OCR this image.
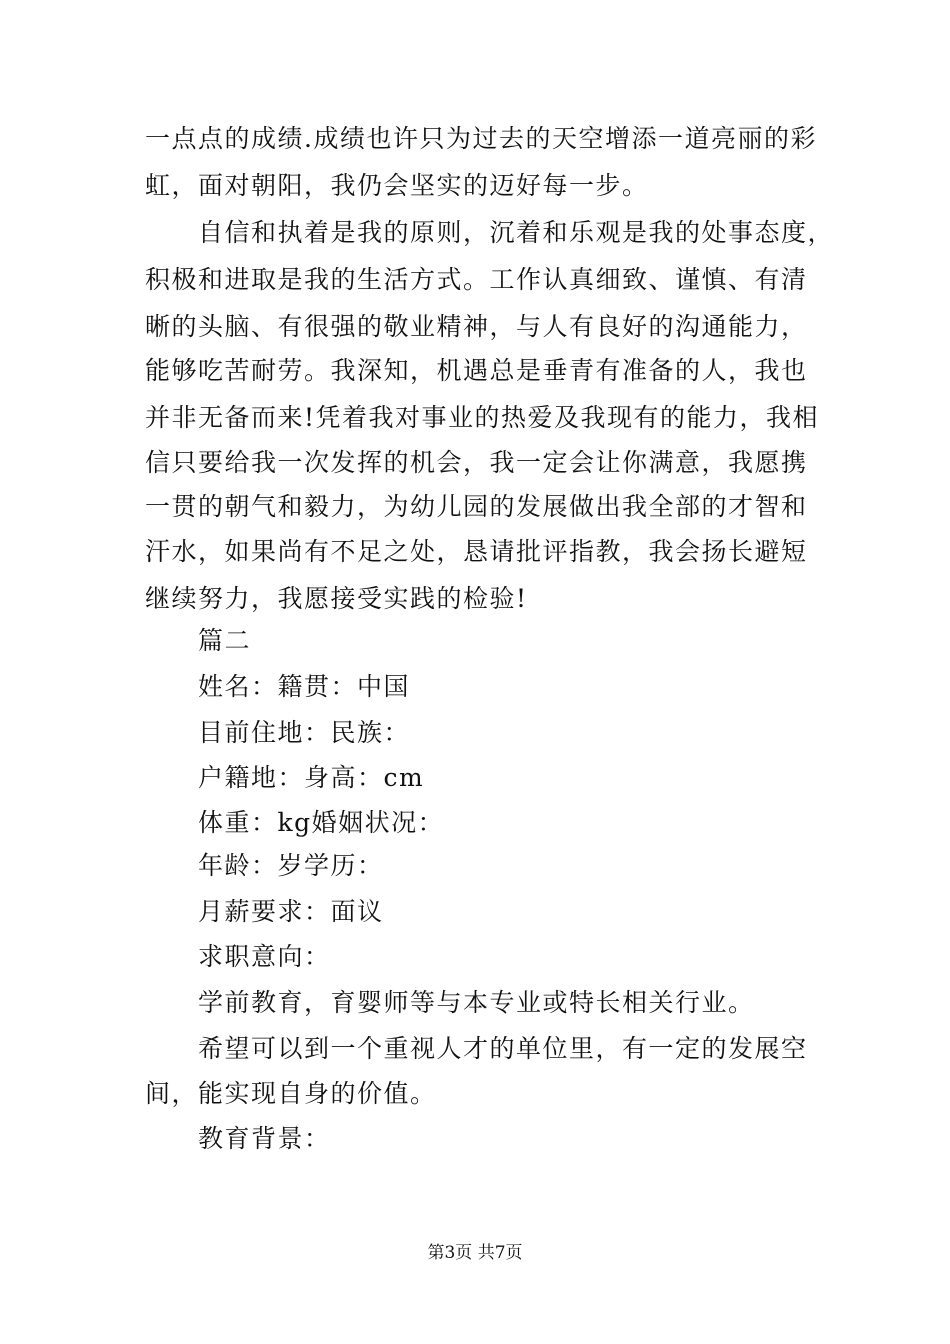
一点点的成绩.成绩也许只为过去的天空增添一道亮丽的彩
虹，面对朝阳，我仍会坚实的迈好每一步。
自信和执着是我的原则，沉着和乐观是我的处事态度，
积极和进取是我的生活方式。工作认真细致、谨慎、有清
晰的头脑、有很强的敬业精神，与人有良好的沟通能力，
能够吃苦耐劳。我深知，机遇总是垂青有准备的人，我也
并非无备而来!凭着我对事业的热爱及我现有的能力，我相
信只要给我一次发挥的机会，我一定会让你满意，我愿携
一贯的朝气和毅力，为幼儿园的发展做出我全部的才智和
汗水，如果尚有不足之处，恳请批评指教，我会扬长避短
继续努力，我愿接受实践的检验!
篇二
姓名：籍贯：中国
目前住地：民族：
户籍地：身高：cm
体重：kg婚姻状况：
年龄：岁学历：
月薪要求：面议
求职意向：
学前教育，育婴师等与本专业或特长相关行业。
希望可以到一个重视人才的单位里，有一定的发展空
间，能实现自身的价值。
教育背景：
第3页 共7页
